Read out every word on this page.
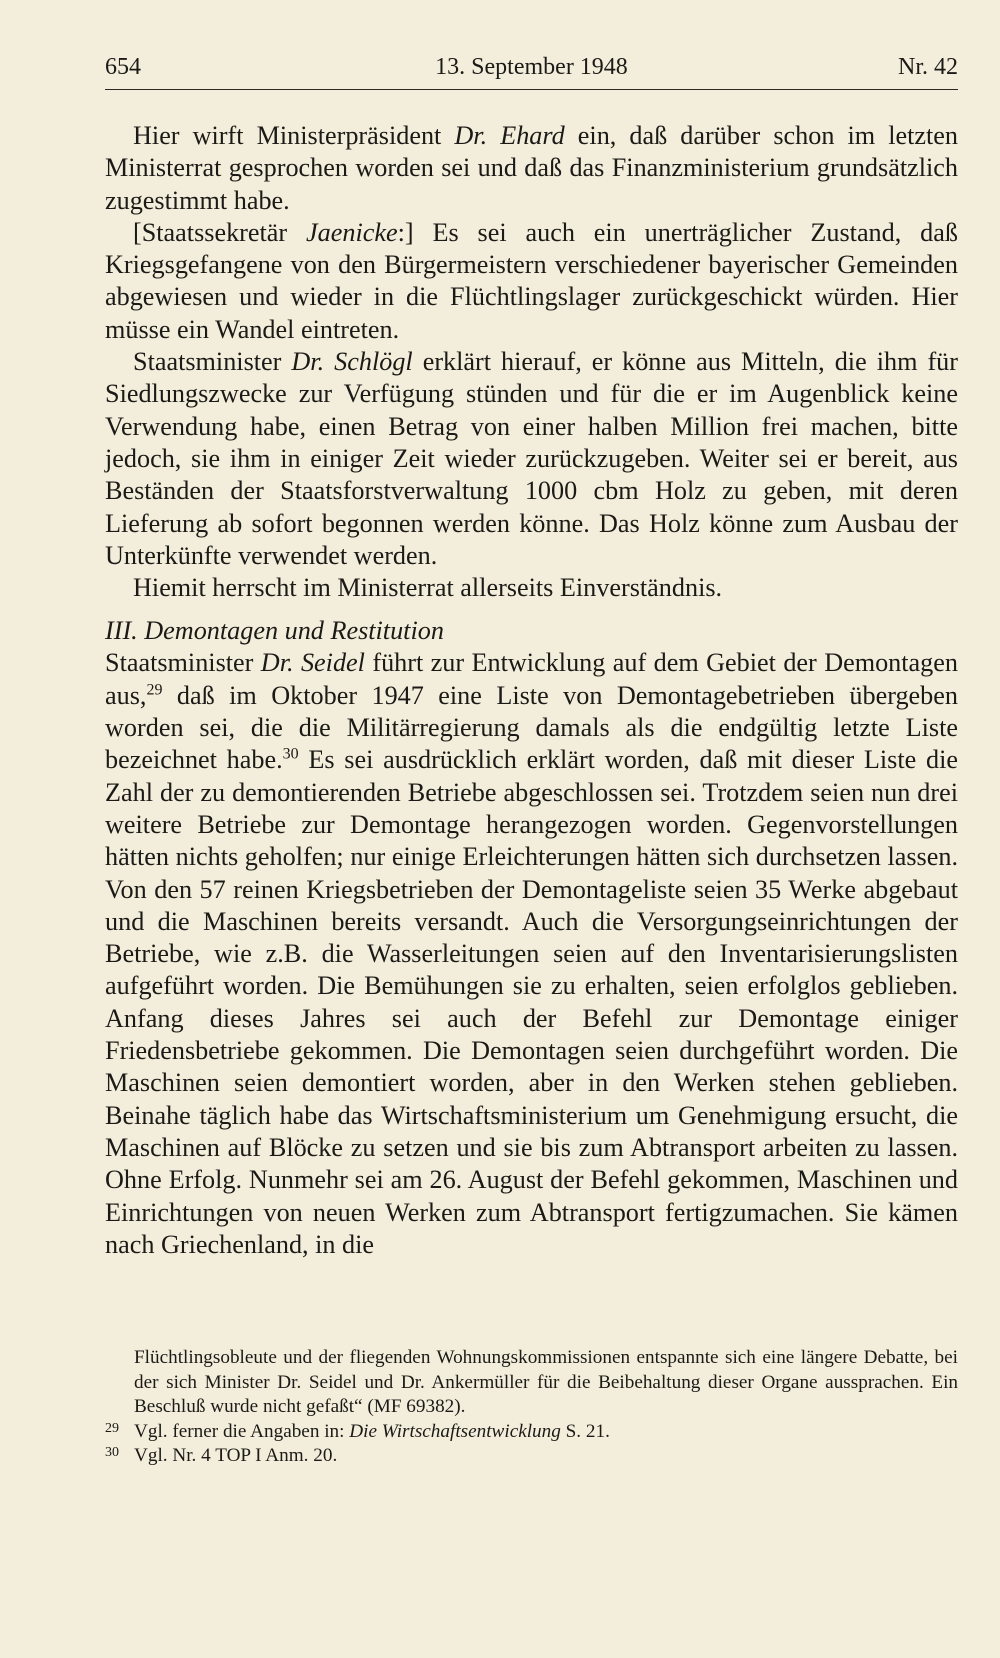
654	13. September 1948	Nr. 42

Hier wirft Ministerpräsident Dr. Ehard ein, daß darüber schon im letzten Ministerrat gesprochen worden sei und daß das Finanzministerium grundsätzlich zugestimmt habe.

[Staatssekretär Jaenicke:] Es sei auch ein unerträglicher Zustand, daß Kriegsgefangene von den Bürgermeistern verschiedener bayerischer Gemeinden abgewiesen und wieder in die Flüchtlingslager zurückgeschickt würden. Hier müsse ein Wandel eintreten.

Staatsminister Dr. Schlögl erklärt hierauf, er könne aus Mitteln, die ihm für Siedlungszwecke zur Verfügung stünden und für die er im Augenblick keine Verwendung habe, einen Betrag von einer halben Million frei machen, bitte jedoch, sie ihm in einiger Zeit wieder zurückzugeben. Weiter sei er bereit, aus Beständen der Staatsforstverwaltung 1000 cbm Holz zu geben, mit deren Lieferung ab sofort begonnen werden könne. Das Holz könne zum Ausbau der Unterkünfte verwendet werden.

Hiemit herrscht im Ministerrat allerseits Einverständnis.

III. Demontagen und Restitution

Staatsminister Dr. Seidel führt zur Entwicklung auf dem Gebiet der Demontagen aus,$^{29}$ daß im Oktober 1947 eine Liste von Demontagebetrieben übergeben worden sei, die die Militärregierung damals als die endgültig letzte Liste bezeichnet habe.$^{30}$ Es sei ausdrücklich erklärt worden, daß mit dieser Liste die Zahl der zu demontierenden Betriebe abgeschlossen sei. Trotzdem seien nun drei weitere Betriebe zur Demontage herangezogen worden. Gegenvorstellungen hätten nichts geholfen; nur einige Erleichterungen hätten sich durchsetzen lassen. Von den 57 reinen Kriegsbetrieben der Demontageliste seien 35 Werke abgebaut und die Maschinen bereits versandt. Auch die Versorgungseinrichtungen der Betriebe, wie z.B. die Wasserleitungen seien auf den Inventarisierungslisten aufgeführt worden. Die Bemühungen sie zu erhalten, seien erfolglos geblieben. Anfang dieses Jahres sei auch der Befehl zur Demontage einiger Friedensbetriebe gekommen. Die Demontagen seien durchgeführt worden. Die Maschinen seien demontiert worden, aber in den Werken stehen geblieben. Beinahe täglich habe das Wirtschaftsministerium um Genehmigung ersucht, die Maschinen auf Blöcke zu setzen und sie bis zum Abtransport arbeiten zu lassen. Ohne Erfolg. Nunmehr sei am 26. August der Befehl gekommen, Maschinen und Einrichtungen von neuen Werken zum Abtransport fertigzumachen. Sie kämen nach Griechenland, in die

Flüchtlingsobleute und der fliegenden Wohnungskommissionen entspannte sich eine längere Debatte, bei der sich Minister Dr. Seidel und Dr. Ankermüller für die Beibehaltung dieser Organe aussprachen. Ein Beschluß wurde nicht gefaßt“ (MF 69382).

29 Vgl. ferner die Angaben in: Die Wirtschaftsentwicklung S. 21.

30 Vgl. Nr. 4 TOP I Anm. 20.
